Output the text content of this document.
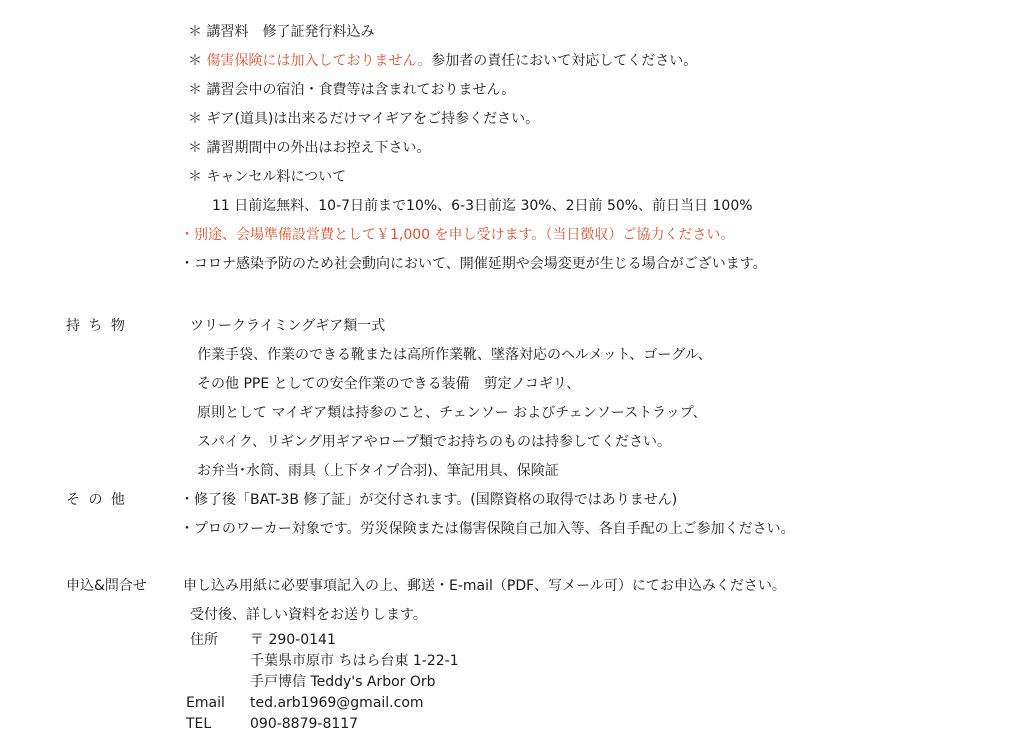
＊ 講習料　修了証発行料込み
＊ 傷害保険には加入しておりません。参加者の責任において対応してください。
＊ 講習会中の宿泊・食費等は含まれておりません。
＊ ギア(道具)は出来るだけマイギアをご持参ください。
＊ 講習期間中の外出はお控え下さい。
＊ キャンセル料について
11 日前迄無料、10-7日前まで10%、6-3日前迄 30%、2日前 50%、前日当日 100%
・別途、会場準備設営費として￥1,000 を申し受けます。（当日徴収）ご協力ください。
・コロナ感染予防のため社会動向において、開催延期や会場変更が生じる場合がございます。
持 ち 物	ツリークライミングギア類一式
作業手袋、作業のできる靴または高所作業靴、墜落対応のヘルメット、ゴーグル、
その他 PPE としての安全作業のできる装備　剪定ノコギリ、
原則として マイギア類は持参のこと、チェンソー およびチェンソーストラップ、
スパイク、リギング用ギアやロープ類でお持ちのものは持参してください。
お弁当･水筒、雨具（上下タイプ合羽)、筆記用具、保険証
そ の 他	・修了後「BAT-3B 修了証」が交付されます。(国際資格の取得ではありません)
・プロのワーカー対象です。労災保険または傷害保険自己加入等、各自手配の上ご参加ください。
申込&問合せ	申し込み用紙に必要事項記入の上、郵送・E-mail（PDF、写メール可）にてお申込みください。
受付後、詳しい資料をお送りします。
住所 〒 290-0141
千葉県市原市 ちはら台東 1-22-1
手戸博信 Teddy's Arbor Orb
Email ted.arb1969@gmail.com
TEL	090-8879-8117
